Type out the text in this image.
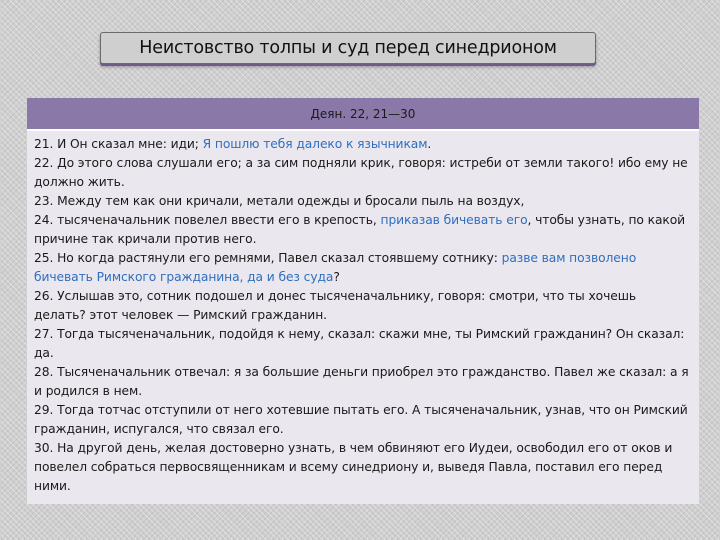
Неистовство толпы и суд перед синедрионом
Деян. 22, 21—30

21. И Он сказал мне: иди; Я пошлю тебя далеко к язычникам.

22. До этого слова слушали его; а за сим подняли крик, говоря: истреби от земли такого! ибо ему не должно жить.

23. Между тем как они кричали, метали одежды и бросали пыль на воздух,

24. тысяченачальник повелел ввести его в крепость, приказав бичевать его, чтобы узнать, по какой причине так кричали против него.

25. Но когда растянули его ремнями, Павел сказал стоявшему сотнику: разве вам позволено бичевать Римского гражданина, да и без суда?

26. Услышав это, сотник подошел и донес тысяченачальнику, говоря: смотри, что ты хочешь делать? этот человек — Римский гражданин.

27. Тогда тысяченачальник, подойдя к нему, сказал: скажи мне, ты Римский гражданин? Он сказал: да.

28. Тысяченачальник отвечал: я за большие деньги приобрел это гражданство. Павел же сказал: а я и родился в нем.

29. Тогда тотчас отступили от него хотевшие пытать его. А тысяченачальник, узнав, что он Римский гражданин, испугался, что связал его.

30. На другой день, желая достоверно узнать, в чем обвиняют его Иудеи, освободил его от оков и повелел собраться первосвященникам и всему синедриону и, выведя Павла, поставил его перед ними.
